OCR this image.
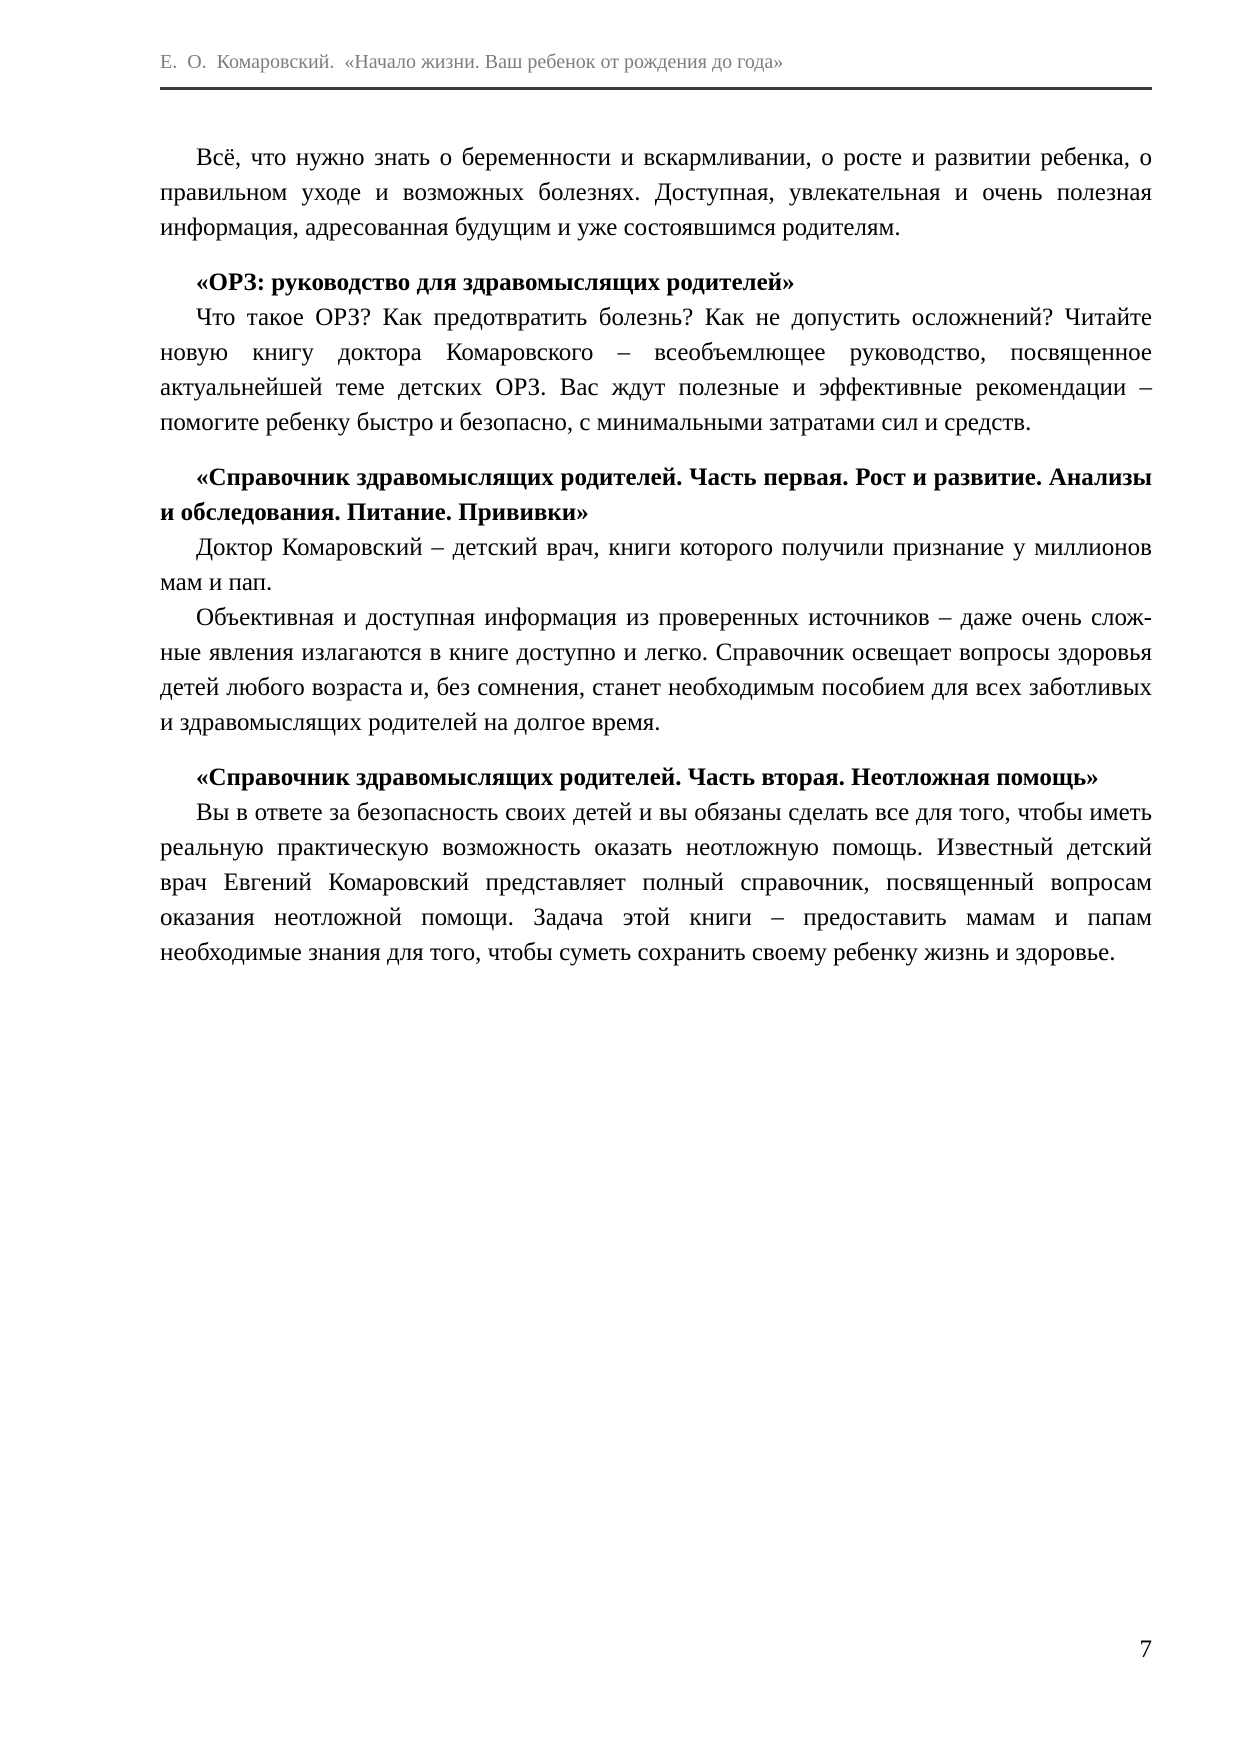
Е.  О.  Комаровский.  «Начало жизни. Ваш ребенок от рождения до года»

Всё, что нужно знать о беременности и вскармливании, о росте и развитии ребенка, о правильном уходе и возможных болезнях. Доступная, увлекательная и очень полезная информация, адресованная будущим и уже состоявшимся родителям.

«ОРЗ: руководство для здравомыслящих родителей»

Что такое ОРЗ? Как предотвратить болезнь? Как не допустить осложнений? Читайте новую книгу доктора Комаровского – всеобъемлющее руководство, посвященное актуальнейшей теме детских ОРЗ. Вас ждут полезные и эффективные рекомендации – помогите ребенку быстро и безопасно, с минимальными затратами сил и средств.

«Справочник здравомыслящих родителей. Часть первая. Рост и развитие. Анализы и обследования. Питание. Прививки»

Доктор Комаровский – детский врач, книги которого получили признание у миллионов мам и пап.

Объективная и доступная информация из проверенных источников – даже очень сложные явления излагаются в книге доступно и легко. Справочник освещает вопросы здоровья детей любого возраста и, без сомнения, станет необходимым пособием для всех заботливых и здравомыслящих родителей на долгое время.

«Справочник здравомыслящих родителей. Часть вторая. Неотложная помощь»

Вы в ответе за безопасность своих детей и вы обязаны сделать все для того, чтобы иметь реальную практическую возможность оказать неотложную помощь. Известный детский врач Евгений Комаровский представляет полный справочник, посвященный вопросам оказания неотложной помощи. Задача этой книги – предоставить мамам и папам необходимые знания для того, чтобы суметь сохранить своему ребенку жизнь и здоровье.

7
